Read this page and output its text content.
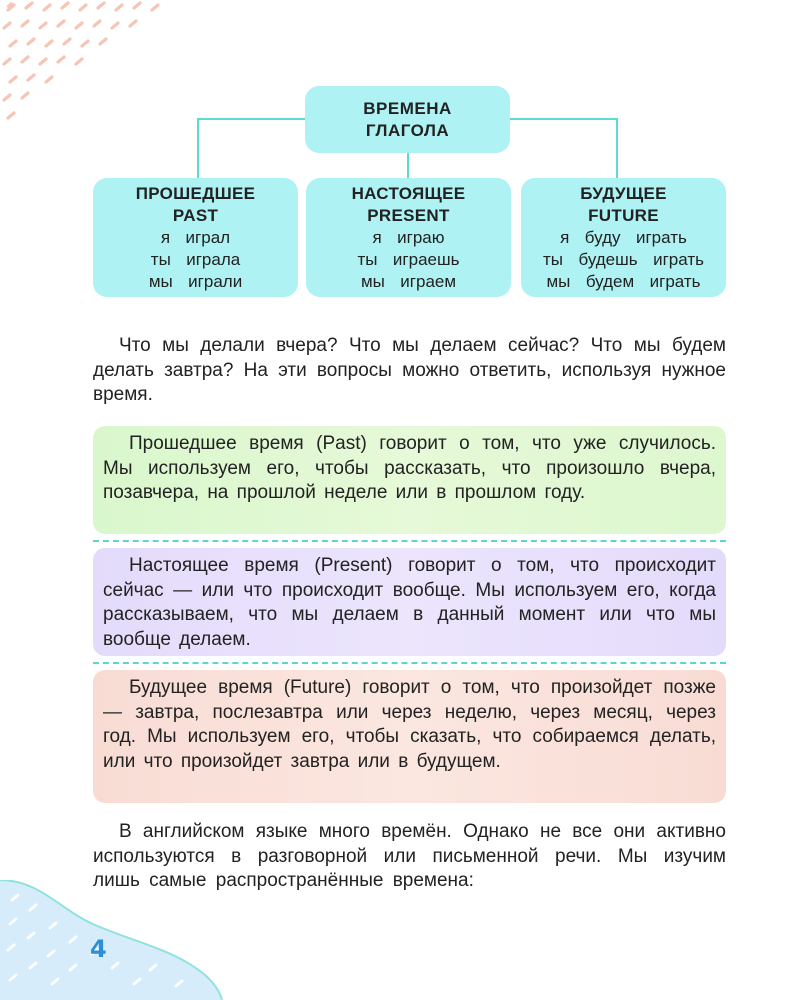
ВРЕМЕНА
ГЛАГОЛА
ПРОШЕДШЕЕ
PAST
я  играл
ты  играла
мы  играли
НАСТОЯЩЕЕ
PRESENT
я  играю
ты  играешь
мы  играем
БУДУЩЕЕ
FUTURE
я  буду  играть
ты  будешь  играть
мы  будем  играть

Что мы делали вчера? Что мы делаем сейчас? Что мы будем делать завтра? На эти вопросы можно ответить, используя нужное время.

Прошедшее время (Past) говорит о том, что уже случилось. Мы используем его, чтобы рассказать, что произошло вчера, позавчера, на прошлой неделе или в прошлом году.

Настоящее время (Present) говорит о том, что происходит сейчас — или что происходит вообще. Мы используем его, когда рассказываем, что мы делаем в данный момент или что мы вообще делаем.

Будущее время (Future) говорит о том, что произойдет позже — завтра, послезавтра или через неделю, через месяц, через год. Мы используем его, чтобы сказать, что собираемся делать, или что произойдет завтра или в будущем.

В английском языке много времён. Однако не все они активно используются в разговорной или письменной речи. Мы изучим лишь самые распространённые времена:

4
